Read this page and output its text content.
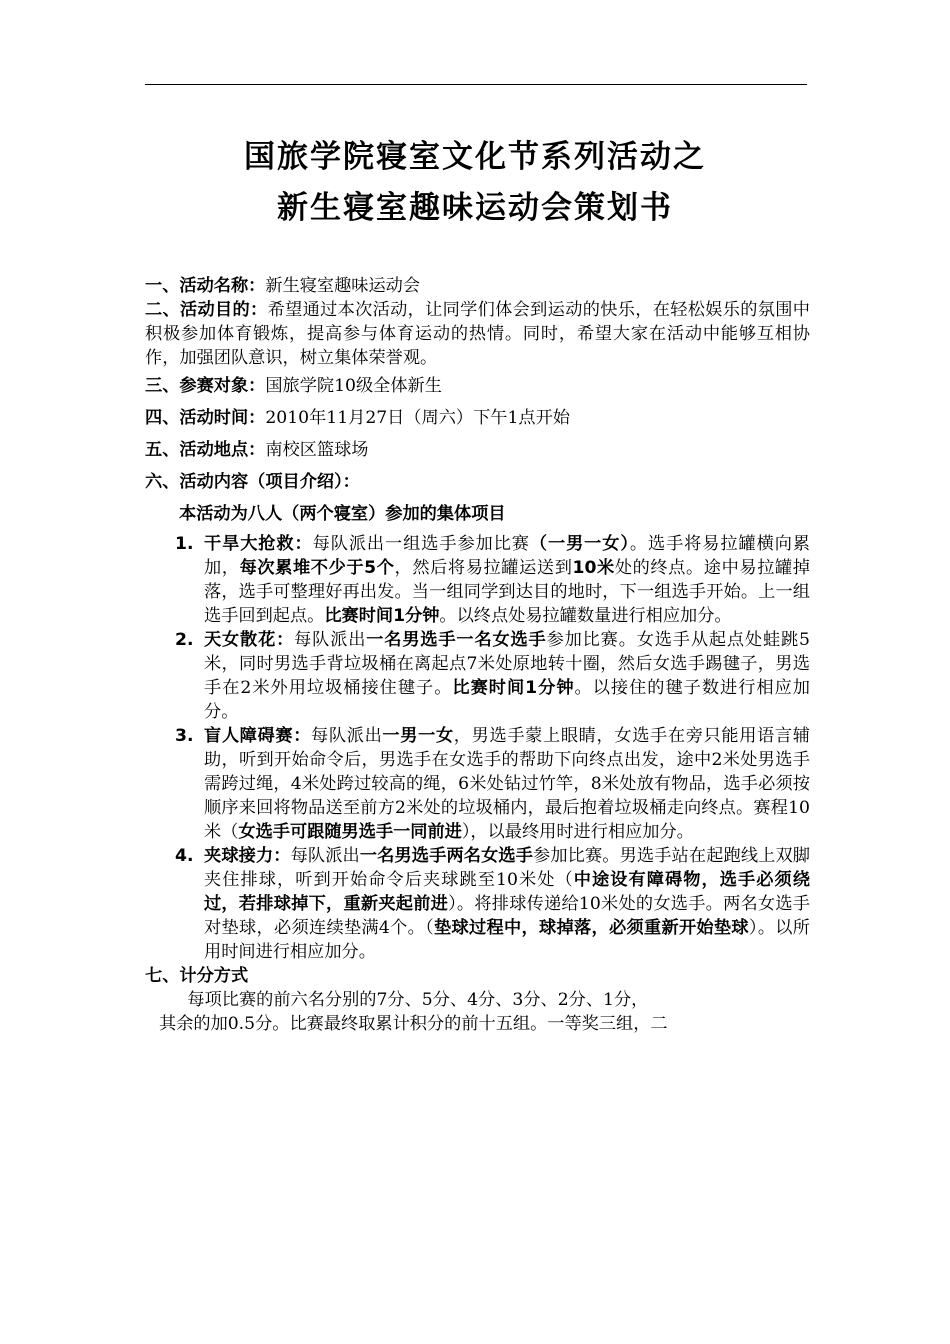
国旅学院寝室文化节系列活动之
新生寝室趣味运动会策划书

一、活动名称：新生寝室趣味运动会

二、活动目的：希望通过本次活动，让同学们体会到运动的快乐，在轻松娱乐的氛围中积极参加体育锻炼，提高参与体育运动的热情。同时，希望大家在活动中能够互相协作，加强团队意识，树立集体荣誉观。

三、参赛对象：国旅学院10级全体新生

四、活动时间：2010年11月27日（周六）下午1点开始

五、活动地点：南校区篮球场

六、活动内容（项目介绍）：

本活动为八人（两个寝室）参加的集体项目

1. 干旱大抢救：每队派出一组选手参加比赛（一男一女）。选手将易拉罐横向累加，每次累堆不少于5个，然后将易拉罐运送到10米处的终点。途中易拉罐掉落，选手可整理好再出发。当一组同学到达目的地时，下一组选手开始。上一组选手回到起点。比赛时间1分钟。以终点处易拉罐数量进行相应加分。
2. 天女散花：每队派出一名男选手一名女选手参加比赛。女选手从起点处蛙跳5米，同时男选手背垃圾桶在离起点7米处原地转十圈，然后女选手踢毽子，男选手在2米外用垃圾桶接住毽子。比赛时间1分钟。以接住的毽子数进行相应加分。
3. 盲人障碍赛：每队派出一男一女，男选手蒙上眼睛，女选手在旁只能用语言辅助，听到开始命令后，男选手在女选手的帮助下向终点出发，途中2米处男选手需跨过绳，4米处跨过较高的绳，6米处钻过竹竿，8米处放有物品，选手必须按顺序来回将物品送至前方2米处的垃圾桶内，最后抱着垃圾桶走向终点。赛程10米（女选手可跟随男选手一同前进），以最终用时进行相应加分。
4. 夹球接力：每队派出一名男选手两名女选手参加比赛。男选手站在起跑线上双脚夹住排球，听到开始命令后夹球跳至10米处（中途设有障碍物，选手必须绕过，若排球掉下，重新夹起前进）。将排球传递给10米处的女选手。两名女选手对垫球，必须连续垫满4个。（垫球过程中，球掉落，必须重新开始垫球）。以所用时间进行相应加分。

七、计分方式

每项比赛的前六名分别的7分、5分、4分、3分、2分、1分，

其余的加0.5分。比赛最终取累计积分的前十五组。一等奖三组，二
